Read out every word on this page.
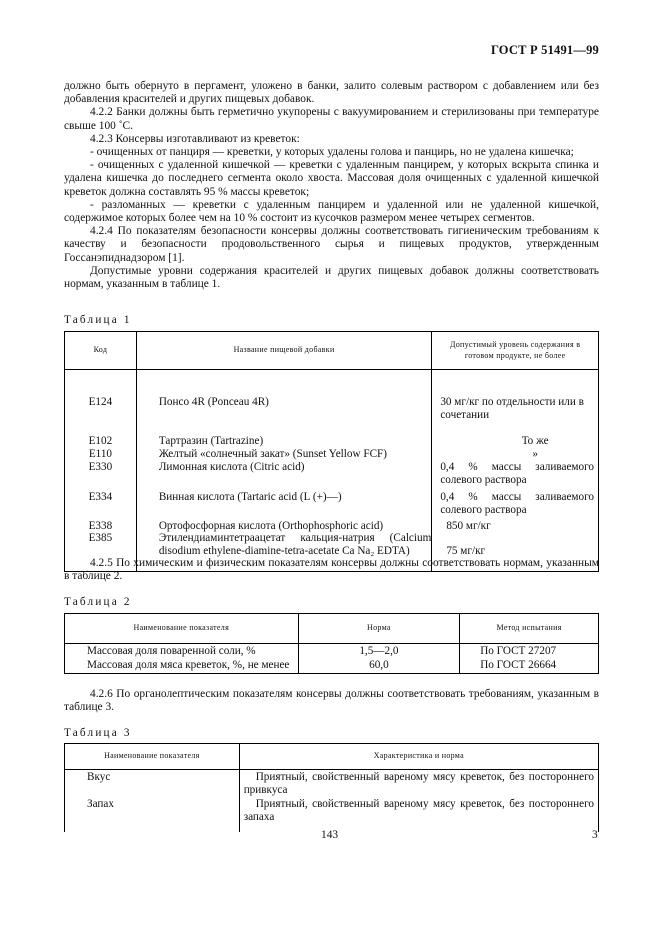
ГОСТ Р 51491—99

должно быть обернуто в пергамент, уложено в банки, залито солевым раствором с добавлением или без добавления красителей и других пищевых добавок.

4.2.2 Банки должны быть герметично укупорены с вакуумированием и стерилизованы при температуре свыше 100 ˚С.

4.2.3 Консервы изготавливают из креветок:

- очищенных от панциря — креветки, у которых удалены голова и панцирь, но не удалена кишечка;

- очищенных с удаленной кишечкой — креветки с удаленным панцирем, у которых вскрыта спинка и удалена кишечка до последнего сегмента около хвоста. Массовая доля очищенных с удаленной кишечкой креветок должна составлять 95 % массы креветок;

- разломанных — креветки с удаленным панцирем и удаленной или не удаленной кишечкой, содержимое которых более чем на 10 % состоит из кусочков размером менее четырех сегментов.

4.2.4 По показателям безопасности консервы должны соответствовать гигиеническим требованиям к качеству и безопасности продовольственного сырья и пищевых продуктов, утвержденным Госсанэпиднадзором [1].

Допустимые уровни содержания красителей и других пищевых добавок должны соответствовать нормам, указанным в таблице 1.

Таблица 1
Код	Название пищевой добавки	Допустимый уровень содержания в готовом продукте, не более

Е124	Понсо 4R (Ponceau 4R)	30 мг/кг по отдельности или в сочетании
Е102	Тартразин (Tartrazine)	То же
Е110	Желтый «солнечный закат» (Sunset Yellow FCF)	»
Е330	Лимонная кислота (Citric acid)	0,4 % массы заливаемого солевого раствора
Е334	Винная кислота (Tartaric acid (L (+)—)	0,4 % массы заливаемого солевого раствора
Е338	Ортофосфорная кислота (Orthophosphoric acid)	850 мг/кг
Е385	Этилендиаминтетраацетат кальция-натрия (Calcium disodium ethylene-diamine-tetra-acetate Ca Na₂ EDTA)	75 мг/кг

4.2.5 По химическим и физическим показателям консервы должны соответствовать нормам, указанным в таблице 2.

Таблица 2
Наименование показателя	Норма	Метод испытания
Массовая доля поваренной соли, %	1,5—2,0	По ГОСТ 27207
Массовая доля мяса креветок, %, не менее	60,0	По ГОСТ 26664

4.2.6 По органолептическим показателям консервы должны соответствовать требованиям, указанным в таблице 3.

Таблица 3
Наименование показателя	Характеристика и норма
Вкус	Приятный, свойственный вареному мясу креветок, без постороннего привкуса
Запах	Приятный, свойственный вареному мясу креветок, без постороннего запаха
143	3
